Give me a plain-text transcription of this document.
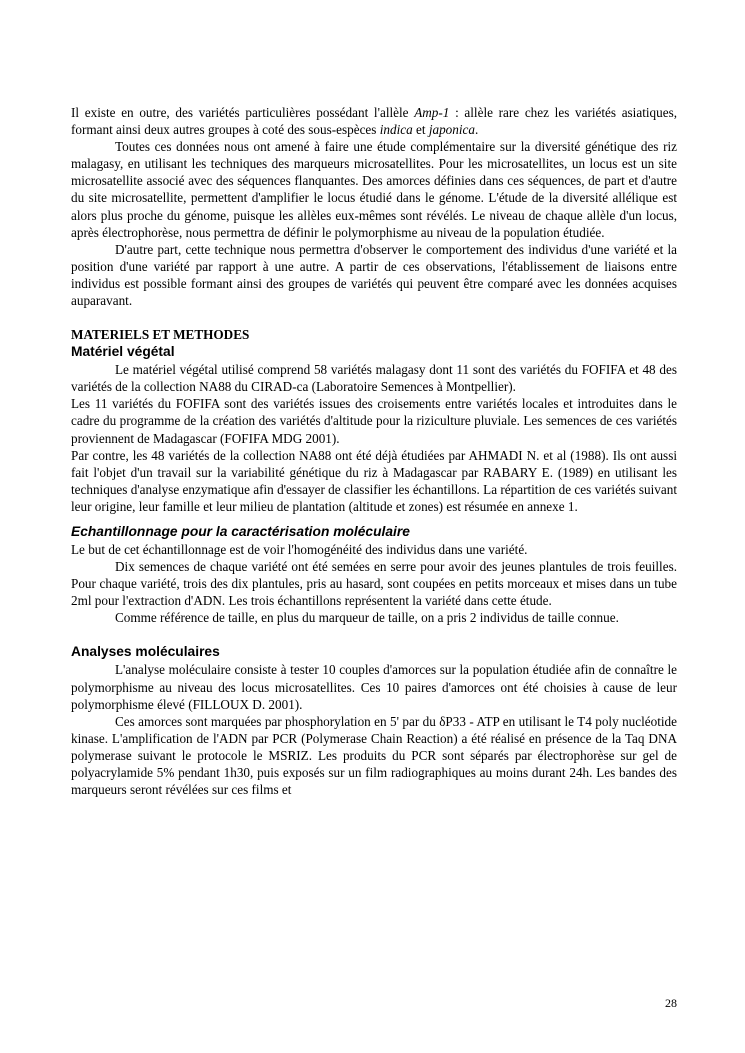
Il existe en outre, des variétés particulières possédant l'allèle Amp-1 : allèle rare chez les variétés asiatiques, formant ainsi deux autres groupes à coté des sous-espèces indica et japonica.

Toutes ces données nous ont amené à faire une étude complémentaire sur la diversité génétique des riz malagasy, en utilisant les techniques des marqueurs microsatellites. Pour les microsatellites, un locus est un site microsatellite associé avec des séquences flanquantes. Des amorces définies dans ces séquences, de part et d'autre du site microsatellite, permettent d'amplifier le locus étudié dans le génome. L'étude de la diversité allélique est alors plus proche du génome, puisque les allèles eux-mêmes sont révélés. Le niveau de chaque allèle d'un locus, après électrophorèse, nous permettra de définir le polymorphisme au niveau de la population étudiée.

D'autre part, cette technique nous permettra d'observer le comportement des individus d'une variété et la position d'une variété par rapport à une autre. A partir de ces observations, l'établissement de liaisons entre individus est possible formant ainsi des groupes de variétés qui peuvent être comparé avec les données acquises auparavant.

MATERIELS ET METHODES

Matériel végétal

Le matériel végétal utilisé comprend 58 variétés malagasy dont 11 sont des variétés du FOFIFA et 48 des variétés de la collection NA88 du CIRAD-ca (Laboratoire Semences à Montpellier).

Les 11 variétés du FOFIFA sont des variétés issues des croisements entre variétés locales et introduites dans le cadre du programme de la création des variétés d'altitude pour la riziculture pluviale. Les semences de ces variétés proviennent de Madagascar (FOFIFA MDG 2001).

Par contre, les 48 variétés de la collection NA88 ont été déjà étudiées par AHMADI N. et al (1988). Ils ont aussi fait l'objet d'un travail sur la variabilité génétique du riz à Madagascar par RABARY E. (1989) en utilisant les techniques d'analyse enzymatique afin d'essayer de classifier les échantillons. La répartition de ces variétés suivant leur origine, leur famille et leur milieu de plantation (altitude et zones) est résumée en annexe 1.

Echantillonnage pour la caractérisation moléculaire

Le but de cet échantillonnage est de voir l'homogénéité des individus dans une variété.

Dix semences de chaque variété ont été semées en serre pour avoir des jeunes plantules de trois feuilles. Pour chaque variété, trois des dix plantules, pris au hasard, sont coupées en petits morceaux et mises dans un tube 2ml pour l'extraction d'ADN. Les trois échantillons représentent la variété dans cette étude.

Comme référence de taille, en plus du marqueur de taille, on a pris 2 individus de taille connue.

Analyses moléculaires

L'analyse moléculaire consiste à tester 10 couples d'amorces sur la population étudiée afin de connaître le polymorphisme au niveau des locus microsatellites. Ces 10 paires d'amorces ont été choisies à cause de leur polymorphisme élevé (FILLOUX D. 2001).

Ces amorces sont marquées par phosphorylation en 5' par du δP33 - ATP en utilisant le T4 poly nucléotide kinase. L'amplification de l'ADN par PCR (Polymerase Chain Reaction) a été réalisé en présence de la Taq DNA polymerase suivant le protocole le MSRIZ. Les produits du PCR sont séparés par électrophorèse sur gel de polyacrylamide 5% pendant 1h30, puis exposés sur un film radiographiques au moins durant 24h. Les bandes des marqueurs seront révélées sur ces films et

28
